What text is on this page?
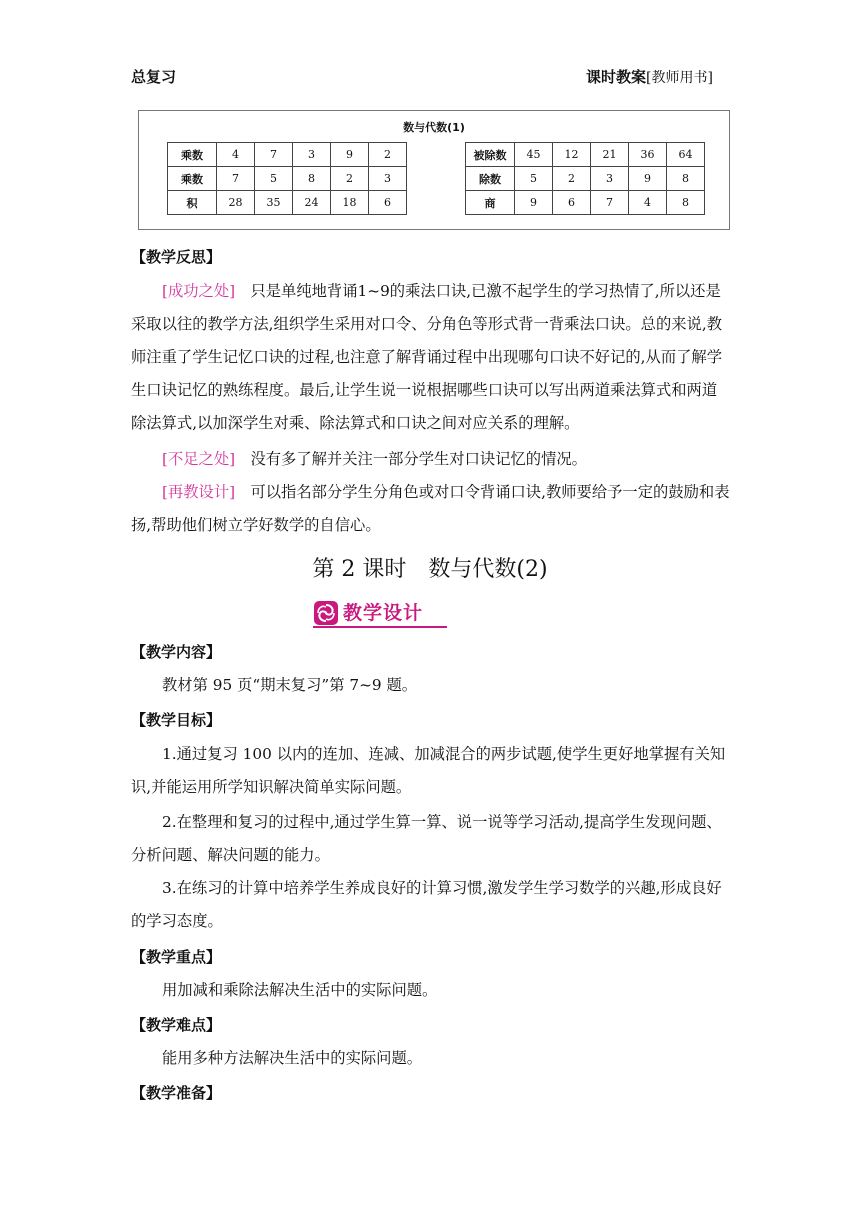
总复习	课时教案[教师用书]
数与代数(1)
乘数	4	7	3	9	2
乘数	7	5	8	2	3
积	28	35	24	18	6
被除数	45	12	21	36	64
除数	5	2	3	9	8
商	9	6	7	4	8
【教学反思】

[成功之处]　 只是单纯地背诵1~9的乘法口诀,已激不起学生的学习热情了,所以还是采取以往的教学方法,组织学生采用对口令、分角色等形式背一背乘法口诀。总的来说,教师注重了学生记忆口诀的过程,也注意了解背诵过程中出现哪句口诀不好记的,从而了解学生口诀记忆的熟练程度。最后,让学生说一说根据哪些口诀可以写出两道乘法算式和两道除法算式,以加深学生对乘、除法算式和口诀之间对应关系的理解。

[不足之处]　 没有多了解并关注一部分学生对口诀记忆的情况。

[再教设计]　 可以指名部分学生分角色或对口令背诵口诀,教师要给予一定的鼓励和表扬,帮助他们树立学好数学的自信心。

第 2 课时　数与代数(2)
教学设计
【教学内容】

教材第 95 页“期末复习”第 7~9 题。

【教学目标】

1.通过复习 100 以内的连加、连减、加减混合的两步试题,使学生更好地掌握有关知识,并能运用所学知识解决简单实际问题。

2.在整理和复习的过程中,通过学生算一算、说一说等学习活动,提高学生发现问题、分析问题、解决问题的能力。

3.在练习的计算中培养学生养成良好的计算习惯,激发学生学习数学的兴趣,形成良好的学习态度。

【教学重点】

用加减和乘除法解决生活中的实际问题。

【教学难点】

能用多种方法解决生活中的实际问题。

【教学准备】
